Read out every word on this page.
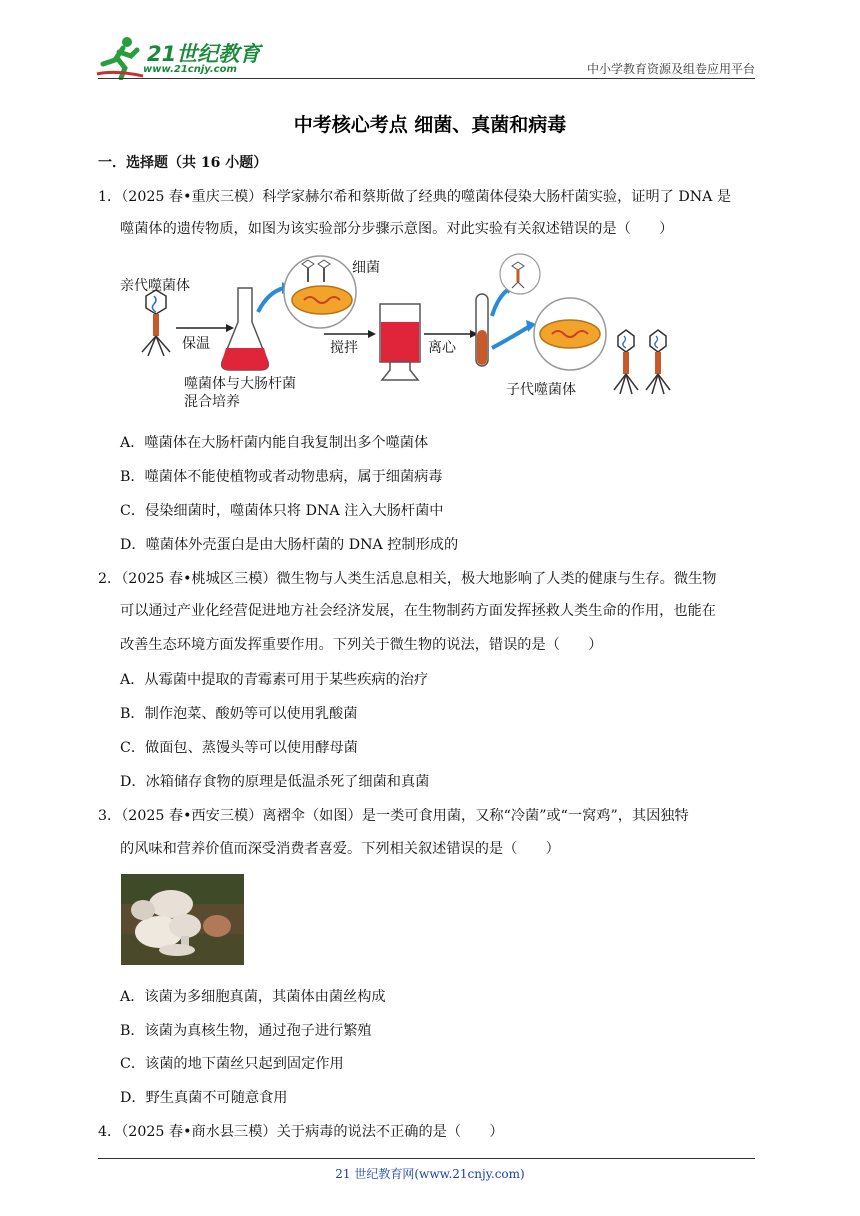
21世纪教育
www.21cnjy.com	中小学教育资源及组卷应用平台
中考核心考点 细菌、真菌和病毒
一．选择题（共 16 小题）
1．（2025 春•重庆三模）科学家赫尔希和蔡斯做了经典的噬菌体侵染大肠杆菌实验，证明了 DNA 是
噬菌体的遗传物质，如图为该实验部分步骤示意图。对此实验有关叙述错误的是（　　）
亲代噬菌体
保温
噬菌体与大肠杆菌
混合培养
细菌
搅拌	离心
子代噬菌体
A．噬菌体在大肠杆菌内能自我复制出多个噬菌体
B．噬菌体不能使植物或者动物患病，属于细菌病毒
C．侵染细菌时，噬菌体只将 DNA 注入大肠杆菌中
D．噬菌体外壳蛋白是由大肠杆菌的 DNA 控制形成的
2．（2025 春•桃城区三模）微生物与人类生活息息相关，极大地影响了人类的健康与生存。微生物
可以通过产业化经营促进地方社会经济发展，在生物制药方面发挥拯救人类生命的作用，也能在
改善生态环境方面发挥重要作用。下列关于微生物的说法，错误的是（　　）
A．从霉菌中提取的青霉素可用于某些疾病的治疗
B．制作泡菜、酸奶等可以使用乳酸菌
C．做面包、蒸馒头等可以使用酵母菌
D．冰箱储存食物的原理是低温杀死了细菌和真菌
3．（2025 春•西安三模）离褶伞（如图）是一类可食用菌，又称“冷菌”或“一窝鸡”，其因独特
的风味和营养价值而深受消费者喜爱。下列相关叙述错误的是（　　）
A．该菌为多细胞真菌，其菌体由菌丝构成
B．该菌为真核生物，通过孢子进行繁殖
C．该菌的地下菌丝只起到固定作用
D．野生真菌不可随意食用
4．（2025 春•商水县三模）关于病毒的说法不正确的是（　　）
21 世纪教育网(www.21cnjy.com)
